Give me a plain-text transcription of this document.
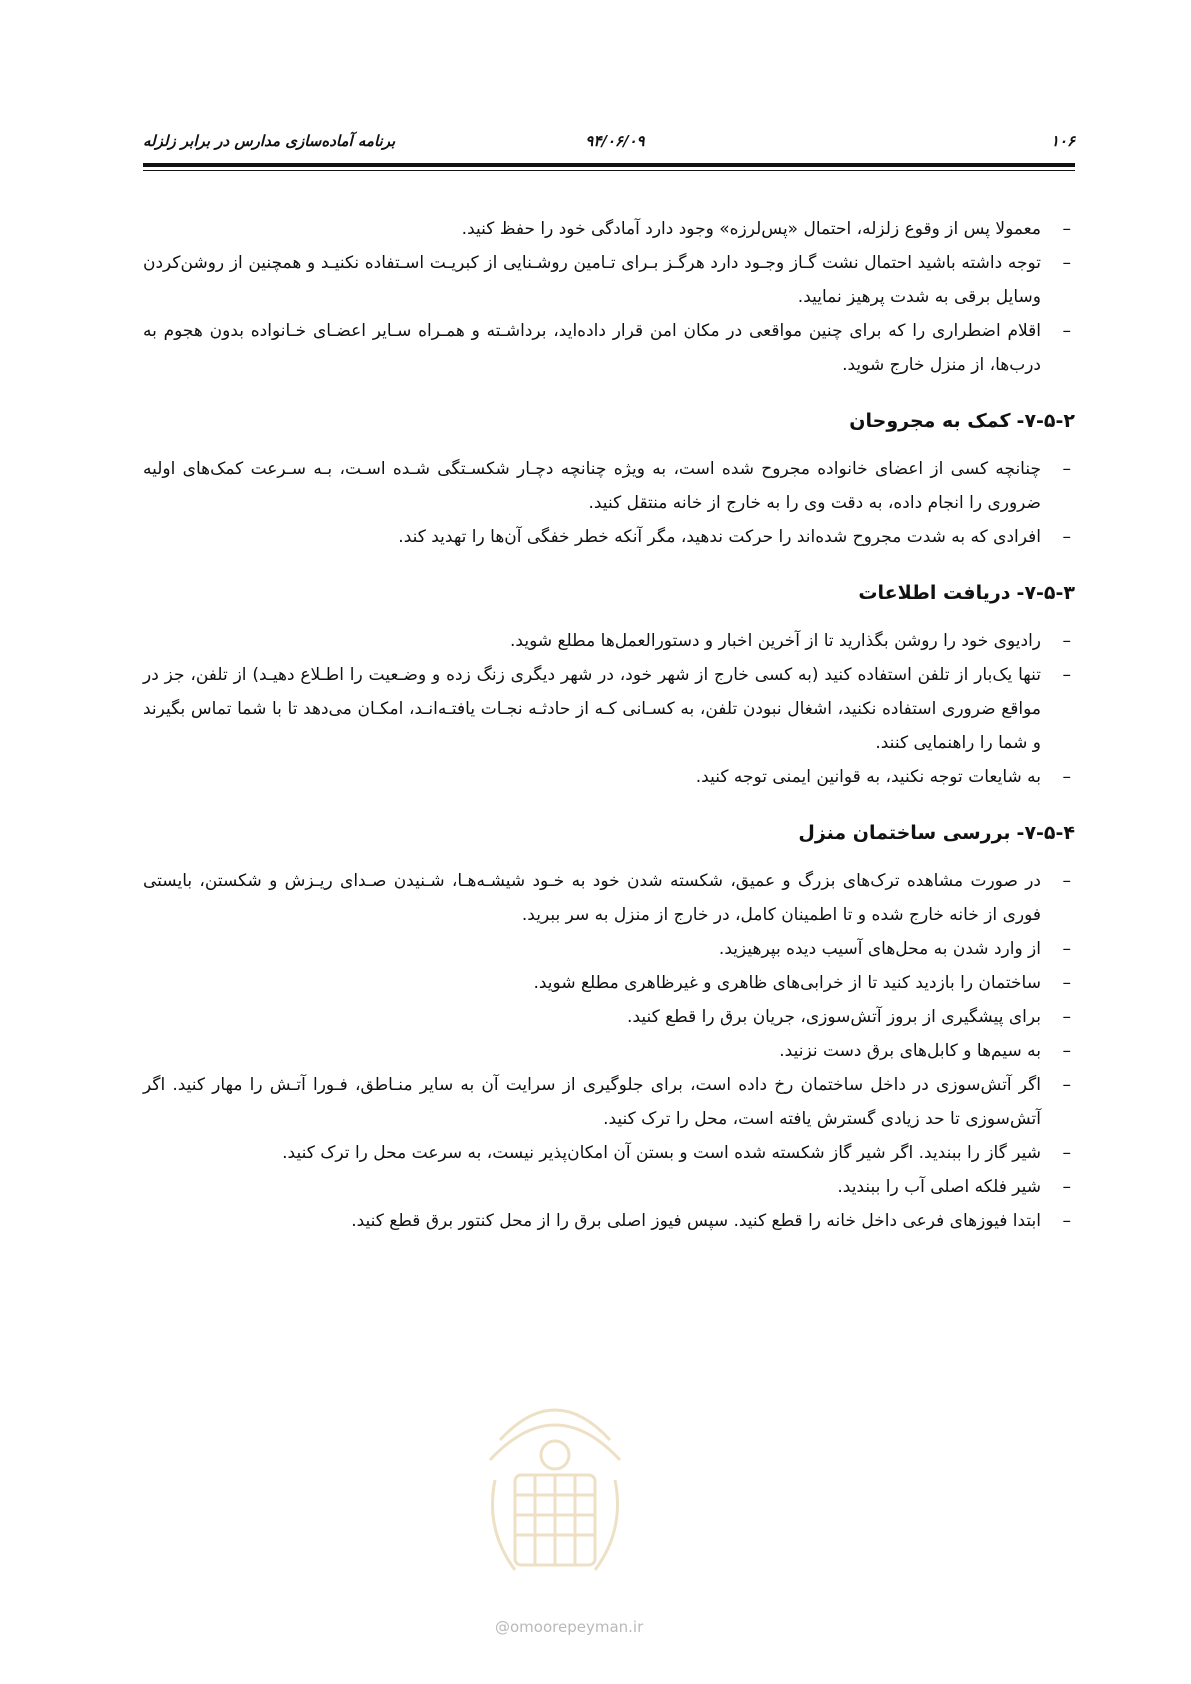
۱۰۶
۹۴/۰۶/۰۹
برنامه آماده‌سازی مدارس در برابر زلزله
–
معمولا پس از وقوع زلزله، احتمال «پس‌لرزه» وجود دارد آمادگی خود را حفظ کنید.
–
توجه داشته باشید احتمال نشت گـاز وجـود دارد هرگـز بـرای تـامین روشـنایی از کبریـت اسـتفاده نکنیـد و همچنین از روشن‌کردن وسایل برقی به شدت پرهیز نمایید.
–
اقلام اضطراری را که برای چنین مواقعی در مکان امن قرار داده‌اید، برداشـته و همـراه سـایر اعضـای خـانواده بدون هجوم به درب‌ها، از منزل خارج شوید.
۷-۵-۲-کمک به مجروحان
–
چنانچه کسی از اعضای خانواده مجروح شده است، به ویژه چنانچه دچـار شکسـتگی شـده اسـت، بـه سـرعت کمک‌های اولیه ضروری را انجام داده، به دقت وی را به خارج از خانه منتقل کنید.
–
افرادی که به شدت مجروح شده‌اند را حرکت ندهید، مگر آنکه خطر خفگی آن‌ها را تهدید کند.
۷-۵-۳-دریافت اطلاعات
–
رادیوی خود را روشن بگذارید تا از آخرین اخبار و دستورالعمل‌ها مطلع شوید.
–
تنها یک‌بار از تلفن استفاده کنید (به کسی خارج از شهر خود، در شهر دیگری زنگ زده و وضـعیت را اطـلاع دهیـد) از تلفن، جز در مواقع ضروری استفاده نکنید، اشغال نبودن تلفن، به کسـانی کـه از حادثـه نجـات یافتـه‌انـد، امکـان می‌دهد تا با شما تماس بگیرند و شما را راهنمایی کنند.
–
به شایعات توجه نکنید، به قوانین ایمنی توجه کنید.
۷-۵-۴-بررسی ساختمان منزل
–
در صورت مشاهده ترک‌های بزرگ و عمیق، شکسته شدن خود به خـود شیشـه‌هـا، شـنیدن صـدای ریـزش و شکستن، بایستی فوری از خانه خارج شده و تا اطمینان کامل، در خارج از منزل به سر ببرید.
–
از وارد شدن به محل‌های آسیب دیده بپرهیزید.
–
ساختمان را بازدید کنید تا از خرابی‌های ظاهری و غیرظاهری مطلع شوید.
–
برای پیشگیری از بروز آتش‌سوزی، جریان برق را قطع کنید.
–
به سیم‌ها و کابل‌های برق دست نزنید.
–
اگر آتش‌سوزی در داخل ساختمان رخ داده است، برای جلوگیری از سرایت آن به سایر منـاطق، فـورا آتـش را مهار کنید. اگر آتش‌سوزی تا حد زیادی گسترش یافته است، محل را ترک کنید.
–
شیر گاز را ببندید. اگر شیر گاز شکسته شده است و بستن آن امکان‌پذیر نیست، به سرعت محل را ترک کنید.
–
شیر فلکه اصلی آب را ببندید.
–
ابتدا فیوزهای فرعی داخل خانه را قطع کنید. سپس فیوز اصلی برق را از محل کنتور برق قطع کنید.
@omoorepeyman.ir
